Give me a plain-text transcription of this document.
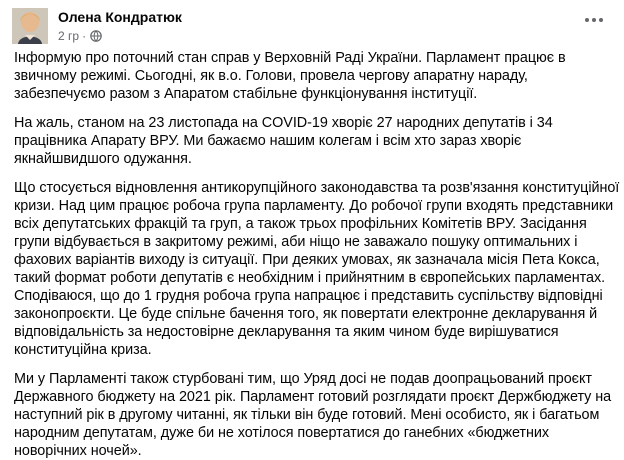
Олена Кондратюк
2 гр ·

Інформую про поточний стан справ у Верховній Раді України. Парламент працює в звичному режимі. Сьогодні, як в.о. Голови, провела чергову апаратну нараду, забезпечуємо разом з Апаратом стабільне функціонування інституції.

На жаль, станом на 23 листопада на COVID-19 хворіє 27 народних депутатів і 34 працівника Апарату ВРУ. Ми бажаємо нашим колегам і всім хто зараз хворіє якнайшвидшого одужання.

Що стосується відновлення антикорупційного законодавства та розв'язання конституційної кризи. Над цим працює робоча група парламенту. До робочої групи входять представники всіх депутатських фракцій та груп, а також трьох профільних Комітетів ВРУ. Засідання групи відбувається в закритому режимі, аби ніщо не заважало пошуку оптимальних і фахових варіантів виходу із ситуації. При деяких умовах, як зазначала місія Пета Кокса, такий формат роботи депутатів є необхідним і прийнятним в європейських парламентах. Сподіваюся, що до 1 грудня робоча група напрацює і представить суспільству відповідні законопроєкти. Це буде спільне бачення того, як повертати електронне декларування й відповідальність за недостовірне декларування та яким чином буде вирішуватися конституційна криза.

Ми у Парламенті також стурбовані тим, що Уряд досі не подав доопрацьований проєкт Державного бюджету на 2021 рік. Парламент готовий розглядати проєкт Держбюджету на наступний рік в другому читанні, як тільки він буде готовий. Мені особисто, як і багатьом народним депутатам, дуже би не хотілося повертатися до ганебних «бюджетних новорічних ночей».
